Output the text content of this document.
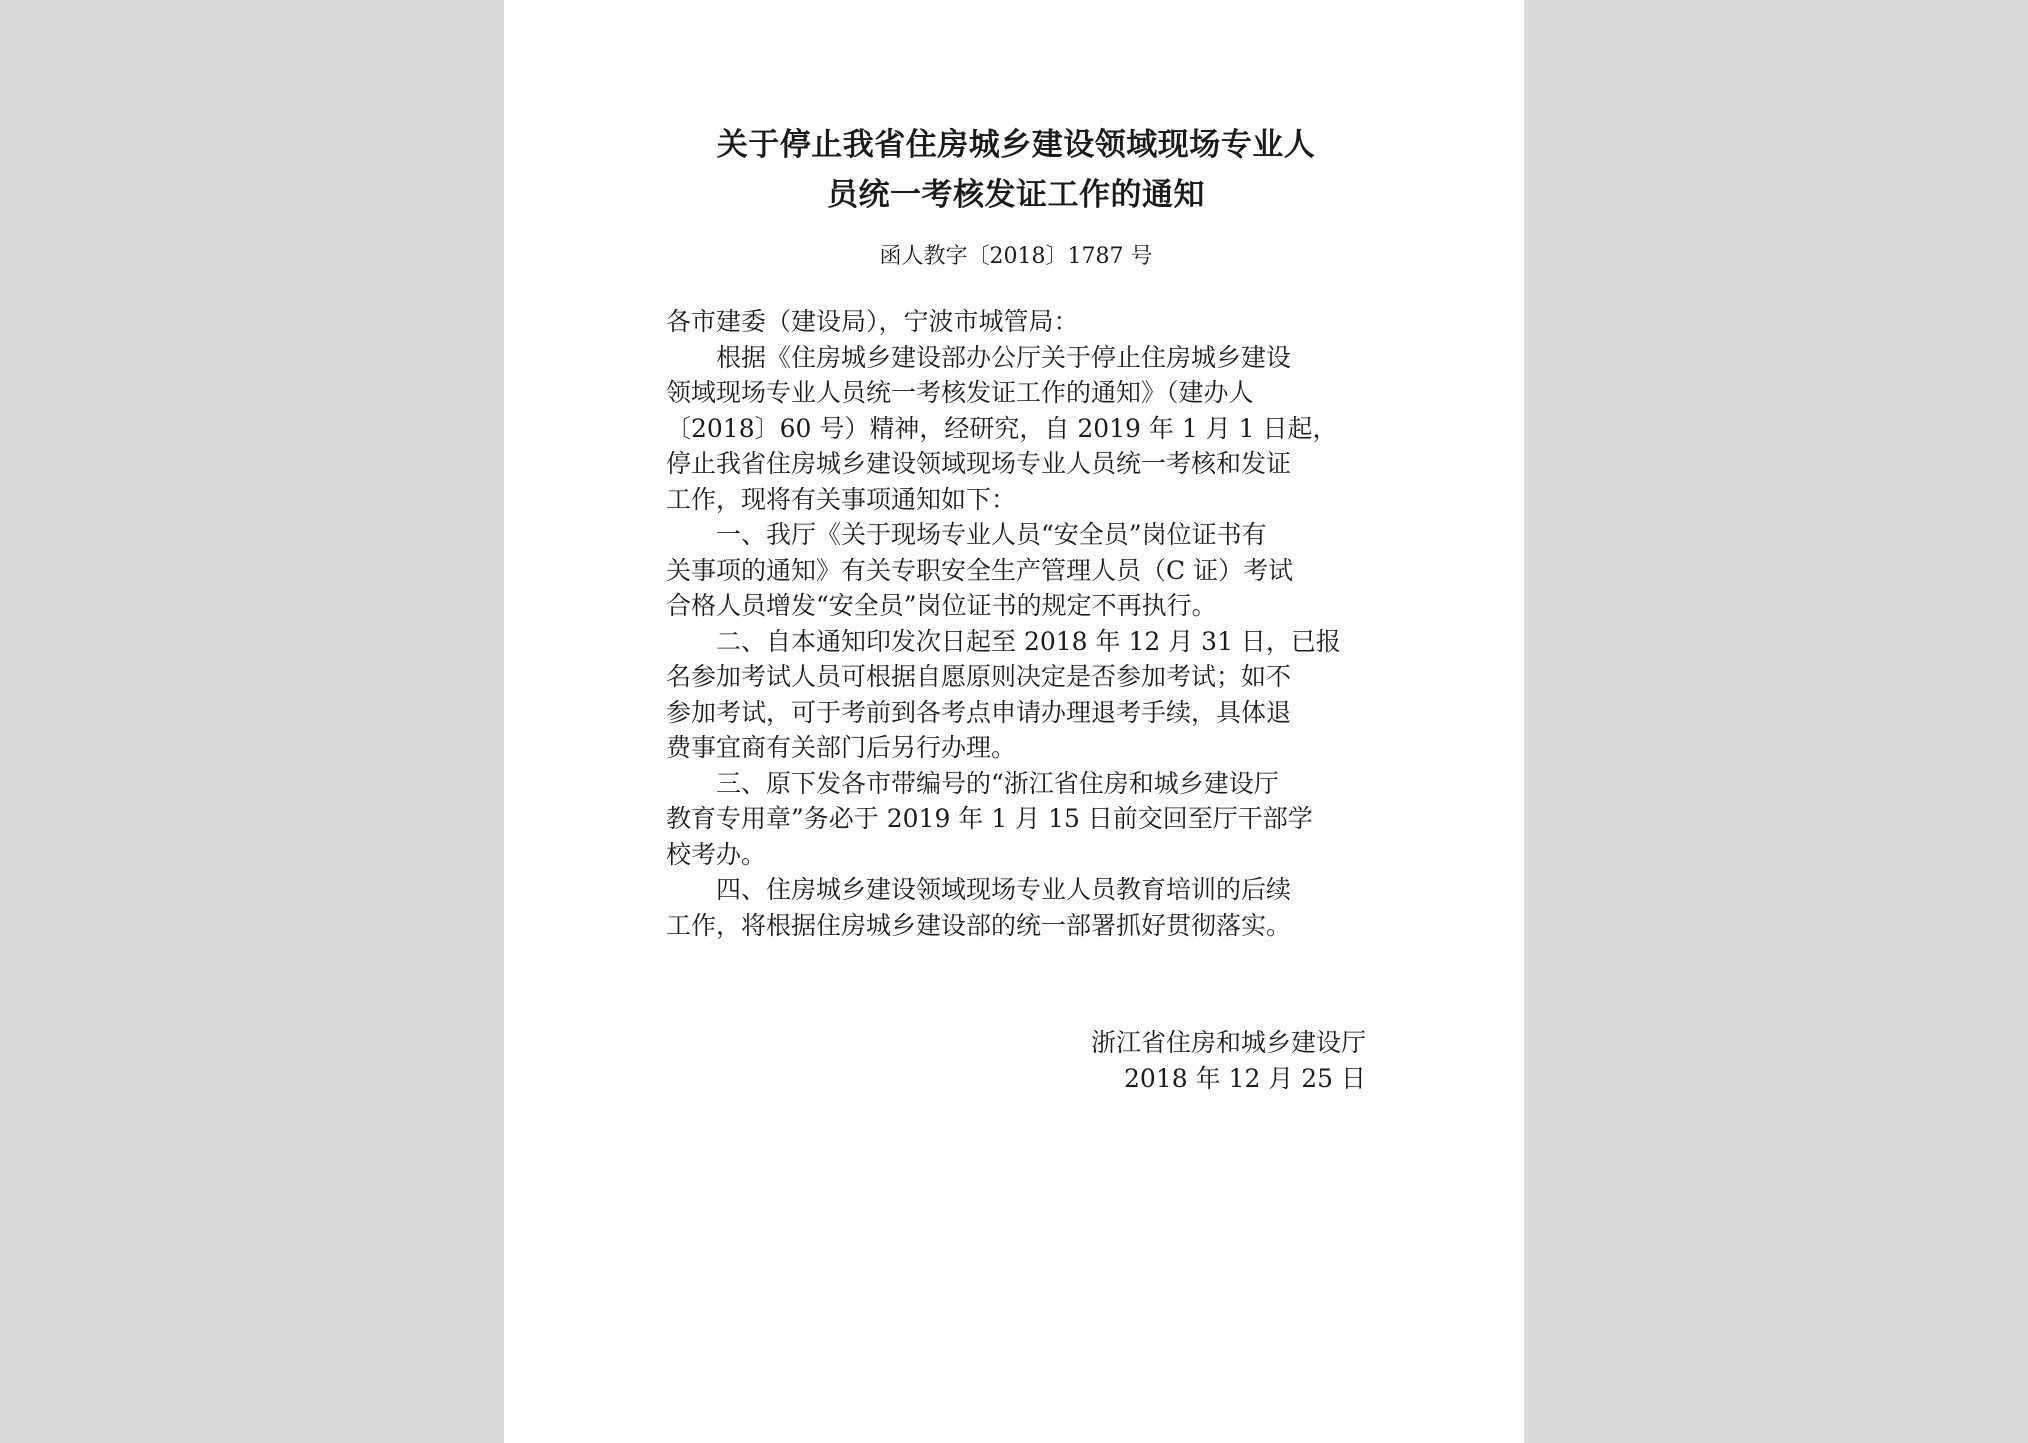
关于停止我省住房城乡建设领域现场专业人
员统一考核发证工作的通知
函人教字〔2018〕1787 号
各市建委（建设局），宁波市城管局：
根据《住房城乡建设部办公厅关于停止住房城乡建设
领域现场专业人员统一考核发证工作的通知》（建办人
〔2018〕60 号）精神，经研究，自 2019 年 1 月 1 日起，
停止我省住房城乡建设领域现场专业人员统一考核和发证
工作，现将有关事项通知如下：
一、我厅《关于现场专业人员“安全员”岗位证书有
关事项的通知》有关专职安全生产管理人员（C 证）考试
合格人员增发“安全员”岗位证书的规定不再执行。
二、自本通知印发次日起至 2018 年 12 月 31 日，已报
名参加考试人员可根据自愿原则决定是否参加考试；如不
参加考试，可于考前到各考点申请办理退考手续，具体退
费事宜商有关部门后另行办理。
三、原下发各市带编号的“浙江省住房和城乡建设厅
教育专用章”务必于 2019 年 1 月 15 日前交回至厅干部学
校考办。
四、住房城乡建设领域现场专业人员教育培训的后续
工作，将根据住房城乡建设部的统一部署抓好贯彻落实。
浙江省住房和城乡建设厅
2018 年 12 月 25 日
